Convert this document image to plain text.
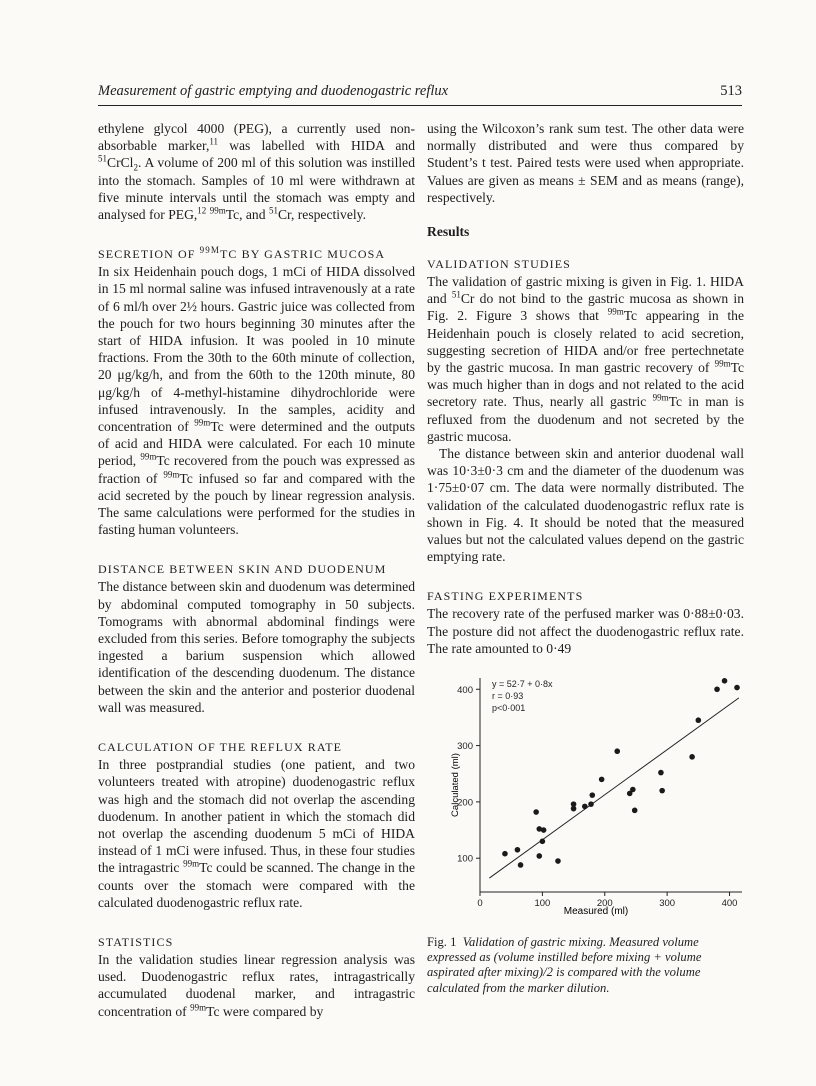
Measurement of gastric emptying and duodenogastric reflux	513

ethylene glycol 4000 (PEG), a currently used non-absorbable marker,$^{11}$ was labelled with HIDA and $^{51}$CrCl$_2$. A volume of 200 ml of this solution was instilled into the stomach. Samples of 10 ml were withdrawn at five minute intervals until the stomach was empty and analysed for PEG,$^{12}$ $^{99m}$Tc, and $^{51}$Cr, respectively.

SECRETION OF $^{99M}$TC BY GASTRIC MUCOSA

In six Heidenhain pouch dogs, 1 mCi of HIDA dissolved in 15 ml normal saline was infused intravenously at a rate of 6 ml/h over 2½ hours. Gastric juice was collected from the pouch for two hours beginning 30 minutes after the start of HIDA infusion. It was pooled in 10 minute fractions. From the 30th to the 60th minute of collection, 20 μg/kg/h, and from the 60th to the 120th minute, 80 μg/kg/h of 4-methyl-histamine dihydrochloride were infused intravenously. In the samples, acidity and concentration of $^{99m}$Tc were determined and the outputs of acid and HIDA were calculated. For each 10 minute period, $^{99m}$Tc recovered from the pouch was expressed as fraction of $^{99m}$Tc infused so far and compared with the acid secreted by the pouch by linear regression analysis. The same calculations were performed for the studies in fasting human volunteers.

DISTANCE BETWEEN SKIN AND DUODENUM

The distance between skin and duodenum was determined by abdominal computed tomography in 50 subjects. Tomograms with abnormal abdominal findings were excluded from this series. Before tomography the subjects ingested a barium suspension which allowed identification of the descending duodenum. The distance between the skin and the anterior and posterior duodenal wall was measured.

CALCULATION OF THE REFLUX RATE

In three postprandial studies (one patient, and two volunteers treated with atropine) duodenogastric reflux was high and the stomach did not overlap the ascending duodenum. In another patient in which the stomach did not overlap the ascending duodenum 5 mCi of HIDA instead of 1 mCi were infused. Thus, in these four studies the intragastric $^{99m}$Tc could be scanned. The change in the counts over the stomach were compared with the calculated duodenogastric reflux rate.

STATISTICS

In the validation studies linear regression analysis was used. Duodenogastric reflux rates, intragastrically accumulated duodenal marker, and intragastric concentration of $^{99m}$Tc were compared by

using the Wilcoxon’s rank sum test. The other data were normally distributed and were thus compared by Student’s t test. Paired tests were used when appropriate. Values are given as means ± SEM and as means (range), respectively.

Results

VALIDATION STUDIES

The validation of gastric mixing is given in Fig. 1. HIDA and $^{51}$Cr do not bind to the gastric mucosa as shown in Fig. 2. Figure 3 shows that $^{99m}$Tc appearing in the Heidenhain pouch is closely related to acid secretion, suggesting secretion of HIDA and/or free pertechnetate by the gastric mucosa. In man gastric recovery of $^{99m}$Tc was much higher than in dogs and not related to the acid secretory rate. Thus, nearly all gastric $^{99m}$Tc in man is refluxed from the duodenum and not secreted by the gastric mucosa.

The distance between skin and anterior duodenal wall was 10·3±0·3 cm and the diameter of the duodenum was 1·75±0·07 cm. The data were normally distributed. The validation of the calculated duodenogastric reflux rate is shown in Fig. 4. It should be noted that the measured values but not the calculated values depend on the gastric emptying rate.

FASTING EXPERIMENTS

The recovery rate of the perfused marker was 0·88±0·03. The posture did not affect the duodenogastric reflux rate. The rate amounted to 0·49

0	100	200	300	400
100
200
300
400
y = 52·7 + 0·8x
r = 0·93
p<0·001
Calculated (ml)
Measured (ml)
Fig. 1 Validation of gastric mixing. Measured volume expressed as (volume instilled before mixing + volume aspirated after mixing)/2 is compared with the volume calculated from the marker dilution.
